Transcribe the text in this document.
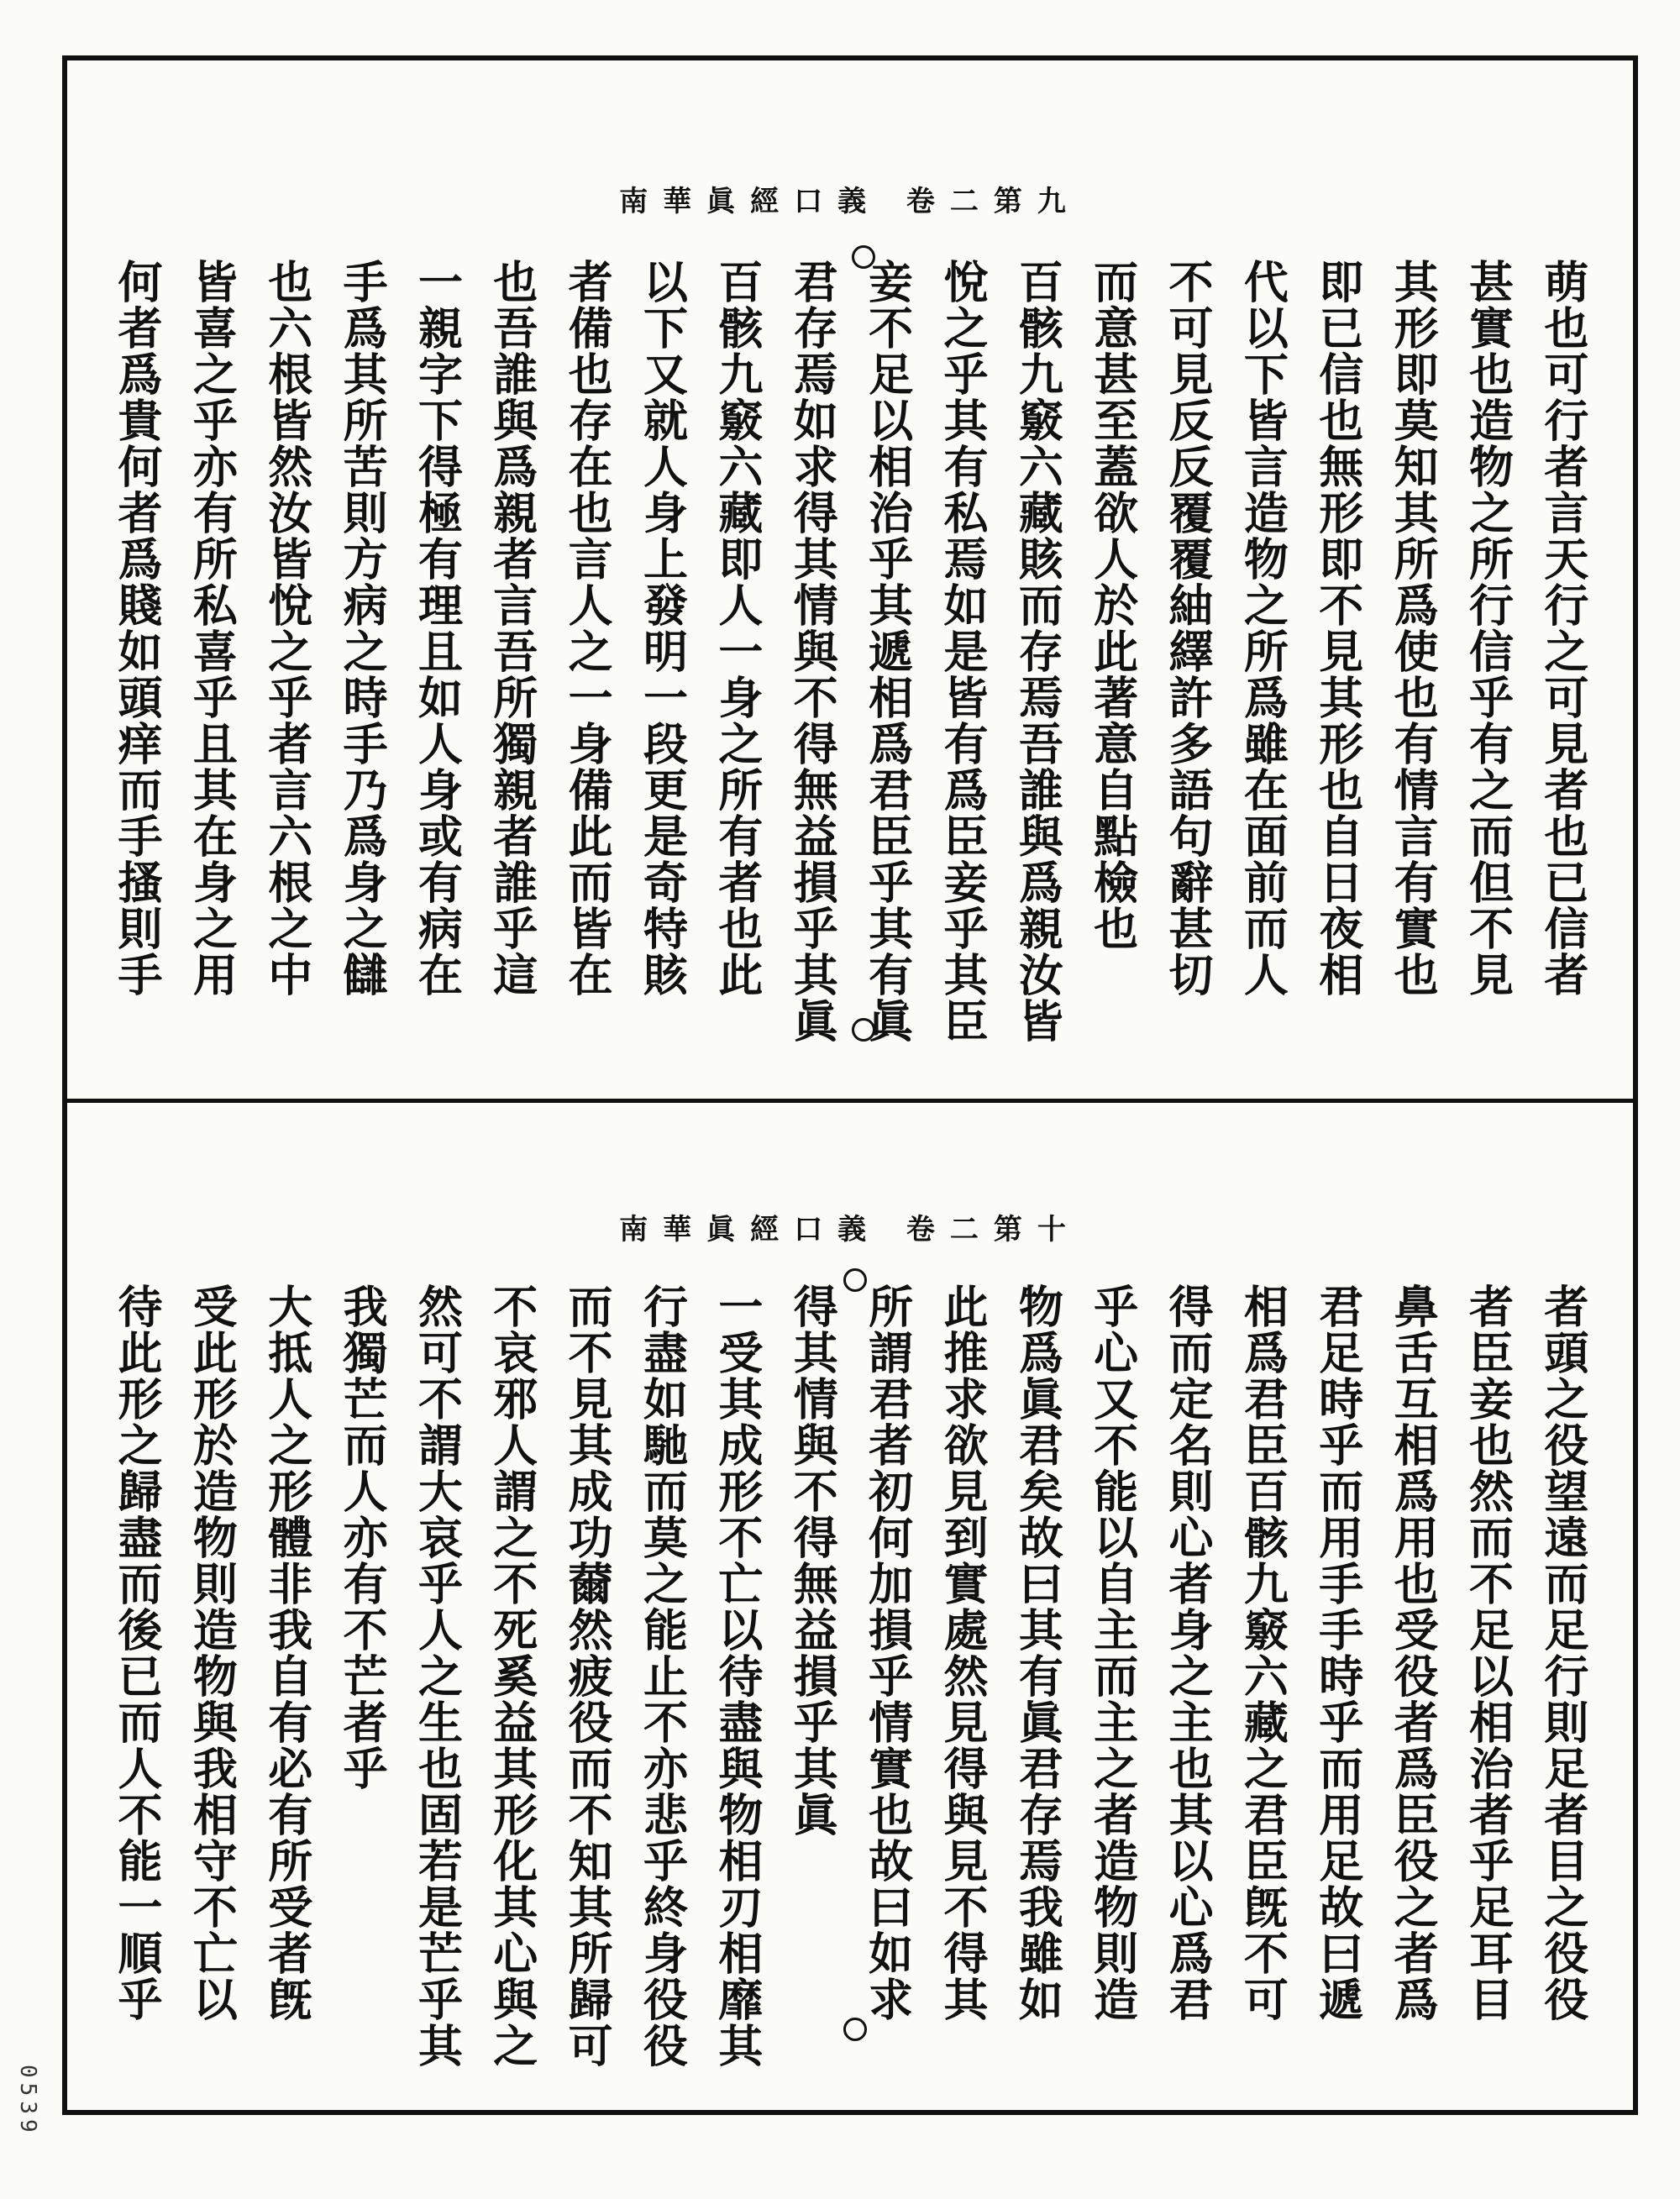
南華眞經口義 卷二第九
萌也可行者言天行之可見者也已信者
甚實也造物之所行信乎有之而但不見
其形即莫知其所爲使也有情言有實也
即已信也無形即不見其形也自日夜相
代以下皆言造物之所爲雖在面前而人
不可見反反覆覆紬繹許多語句辭甚切
而意甚至蓋欲人於此著意自點檢也
百骸九竅六藏賅而存焉吾誰與爲親汝皆
悅之乎其有私焉如是皆有爲臣妾乎其臣
妾不足以相治乎其遞相爲君臣乎其有眞
君存焉如求得其情與不得無益損乎其眞
百骸九竅六藏即人一身之所有者也此
以下又就人身上發明一段更是奇特賅
者備也存在也言人之一身備此而皆在
也吾誰與爲親者言吾所獨親者誰乎這
一親字下得極有理且如人身或有病在
手爲其所苦則方病之時手乃爲身之讎
也六根皆然汝皆悅之乎者言六根之中
皆喜之乎亦有所私喜乎且其在身之用
何者爲貴何者爲賤如頭痒而手搔則手
南華眞經口義 卷二第十
者頭之役望遠而足行則足者目之役役
者臣妾也然而不足以相治者乎足耳目
鼻舌互相爲用也受役者爲臣役之者爲
君足時乎而用手手時乎而用足故曰遞
相爲君臣百骸九竅六藏之君臣旣不可
得而定名則心者身之主也其以心爲君
乎心又不能以自主而主之者造物則造
物爲眞君矣故曰其有眞君存焉我雖如
此推求欲見到實處然見得與見不得其
所謂君者初何加損乎情實也故曰如求
得其情與不得無益損乎其眞
一受其成形不亡以待盡與物相刃相靡其
行盡如馳而莫之能止不亦悲乎終身役役
而不見其成功薾然疲役而不知其所歸可
不哀邪人謂之不死奚益其形化其心與之
然可不謂大哀乎人之生也固若是芒乎其
我獨芒而人亦有不芒者乎
大抵人之形體非我自有必有所受者旣
受此形於造物則造物與我相守不亡以
待此形之歸盡而後已而人不能一順乎
0539
